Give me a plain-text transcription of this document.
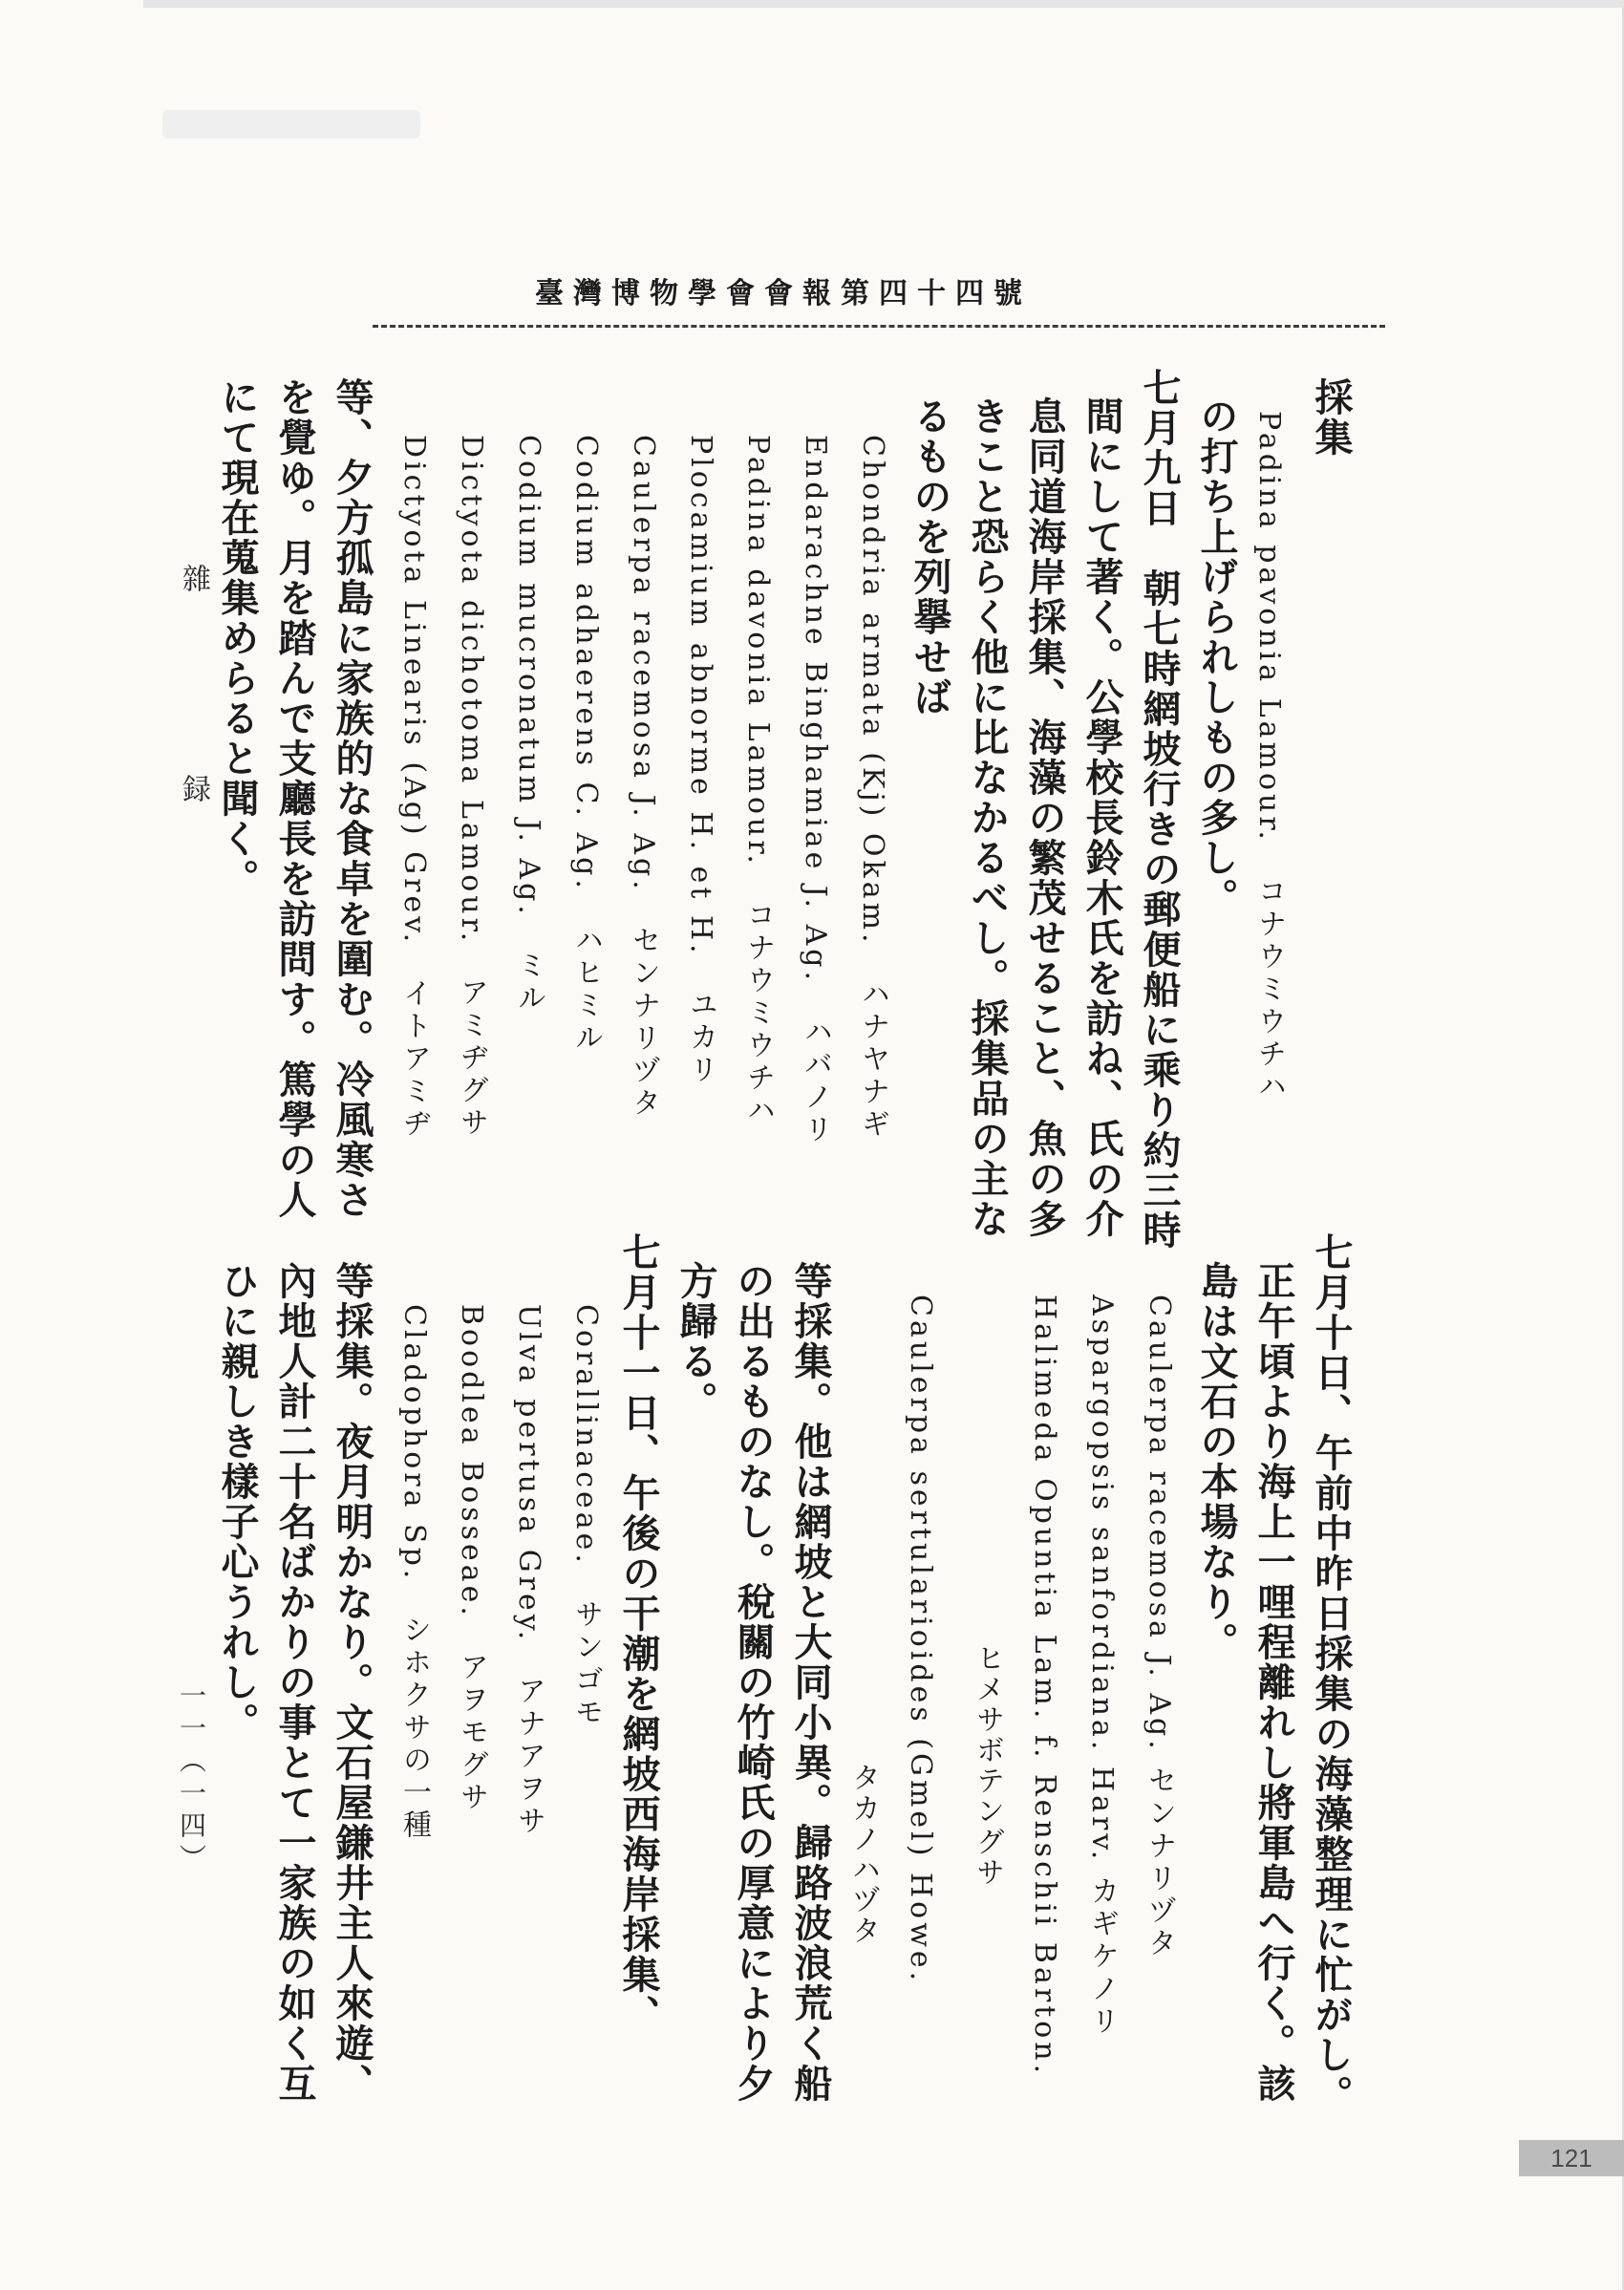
臺灣博物學會會報第四十四號
七月十日、午前中昨日採集の海藻整理に忙がし。
正午頃より海上一哩程離れし將軍島へ行く。該
島は文石の本場なり。
Caulerpa racemosa J. Ag. センナリヅタ
Aspargopsis sanfordiana. Harv. カギケノリ
Halimeda Opuntia Lam. f. Renschii Barton.
ヒメサボテングサ
Caulerpa sertularioides (Gmel) Howe.
タカノハヅタ
等採集。他は網坡と大同小異。歸路波浪荒く船
の出るものなし。稅關の竹崎氏の厚意により夕
方歸る。
七月十一日、午後の干潮を網坡西海岸採集、
Corallinaceae.　サンゴモ
Ulva pertusa Grey.　アナアヲサ
Boodlea Bosseae.　アヲモグサ
Cladophora Sp.　シホクサの一種
等採集。夜月明かなり。文石屋鎌井主人來遊、
內地人計二十名ばかりの事とて一家族の如く互
ひに親しき樣子心うれし。
採集
Padina pavonia Lamour.　コナウミウチハ
の打ち上げられしもの多し。
七月九日　朝七時網坡行きの郵便船に乘り約三時
間にして著く。公學校長鈴木氏を訪ね、氏の介
息同道海岸採集、海藻の繁茂せること、魚の多
きこと恐らく他に比なかるべし。採集品の主な
るものを列擧せば
Chondria armata (Kj) Okam.　ハナヤナギ
Endarachne Binghamiae J. Ag.　ハバノリ
Padina davonia Lamour.　コナウミウチハ
Plocamium abnorme H. et H.　ユカリ
Caulerpa racemosa J. Ag.　センナリヅタ
Codium adhaerens C. Ag.　ハヒミル
Codium mucronatum J. Ag.　ミル
Dictyota dichotoma Lamour.　アミヂグサ
Dictyota Linearis (Ag) Grev.　イトアミヂ
等、夕方孤島に家族的な食卓を圍む。冷風寒さ
を覺ゆ。月を踏んで支廳長を訪問す。篤學の人
にて現在蒐集めらると聞く。
雜　録
一一（一四）
121
